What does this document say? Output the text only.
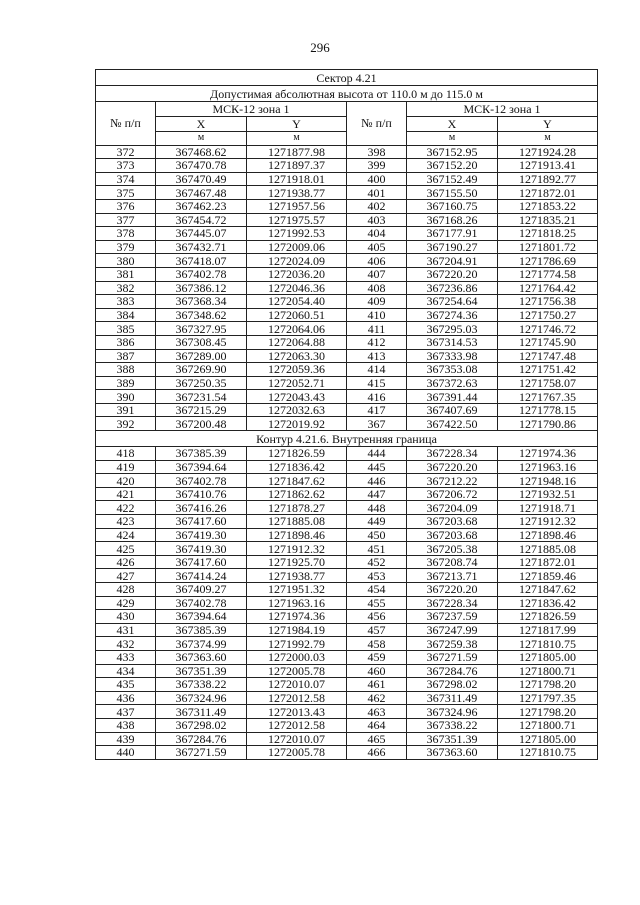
296
Сектор 4.21					
Допустимая абсолютная высота от 110.0 м до 115.0 м					
№ п/п	МСК-12 зона 1		№ п/п	МСК-12 зона 1	
	X	Y		X	Y
	м	м		м	м
372	367468.62	1271877.98	398	367152.95	1271924.28
373	367470.78	1271897.37	399	367152.20	1271913.41
374	367470.49	1271918.01	400	367152.49	1271892.77
375	367467.48	1271938.77	401	367155.50	1271872.01
376	367462.23	1271957.56	402	367160.75	1271853.22
377	367454.72	1271975.57	403	367168.26	1271835.21
378	367445.07	1271992.53	404	367177.91	1271818.25
379	367432.71	1272009.06	405	367190.27	1271801.72
380	367418.07	1272024.09	406	367204.91	1271786.69
381	367402.78	1272036.20	407	367220.20	1271774.58
382	367386.12	1272046.36	408	367236.86	1271764.42
383	367368.34	1272054.40	409	367254.64	1271756.38
384	367348.62	1272060.51	410	367274.36	1271750.27
385	367327.95	1272064.06	411	367295.03	1271746.72
386	367308.45	1272064.88	412	367314.53	1271745.90
387	367289.00	1272063.30	413	367333.98	1271747.48
388	367269.90	1272059.36	414	367353.08	1271751.42
389	367250.35	1272052.71	415	367372.63	1271758.07
390	367231.54	1272043.43	416	367391.44	1271767.35
391	367215.29	1272032.63	417	367407.69	1271778.15
392	367200.48	1272019.92	367	367422.50	1271790.86
Контур 4.21.6. Внутренняя граница					
418	367385.39	1271826.59	444	367228.34	1271974.36
419	367394.64	1271836.42	445	367220.20	1271963.16
420	367402.78	1271847.62	446	367212.22	1271948.16
421	367410.76	1271862.62	447	367206.72	1271932.51
422	367416.26	1271878.27	448	367204.09	1271918.71
423	367417.60	1271885.08	449	367203.68	1271912.32
424	367419.30	1271898.46	450	367203.68	1271898.46
425	367419.30	1271912.32	451	367205.38	1271885.08
426	367417.60	1271925.70	452	367208.74	1271872.01
427	367414.24	1271938.77	453	367213.71	1271859.46
428	367409.27	1271951.32	454	367220.20	1271847.62
429	367402.78	1271963.16	455	367228.34	1271836.42
430	367394.64	1271974.36	456	367237.59	1271826.59
431	367385.39	1271984.19	457	367247.99	1271817.99
432	367374.99	1271992.79	458	367259.38	1271810.75
433	367363.60	1272000.03	459	367271.59	1271805.00
434	367351.39	1272005.78	460	367284.76	1271800.71
435	367338.22	1272010.07	461	367298.02	1271798.20
436	367324.96	1272012.58	462	367311.49	1271797.35
437	367311.49	1272013.43	463	367324.96	1271798.20
438	367298.02	1272012.58	464	367338.22	1271800.71
439	367284.76	1272010.07	465	367351.39	1271805.00
440	367271.59	1272005.78	466	367363.60	1271810.75
